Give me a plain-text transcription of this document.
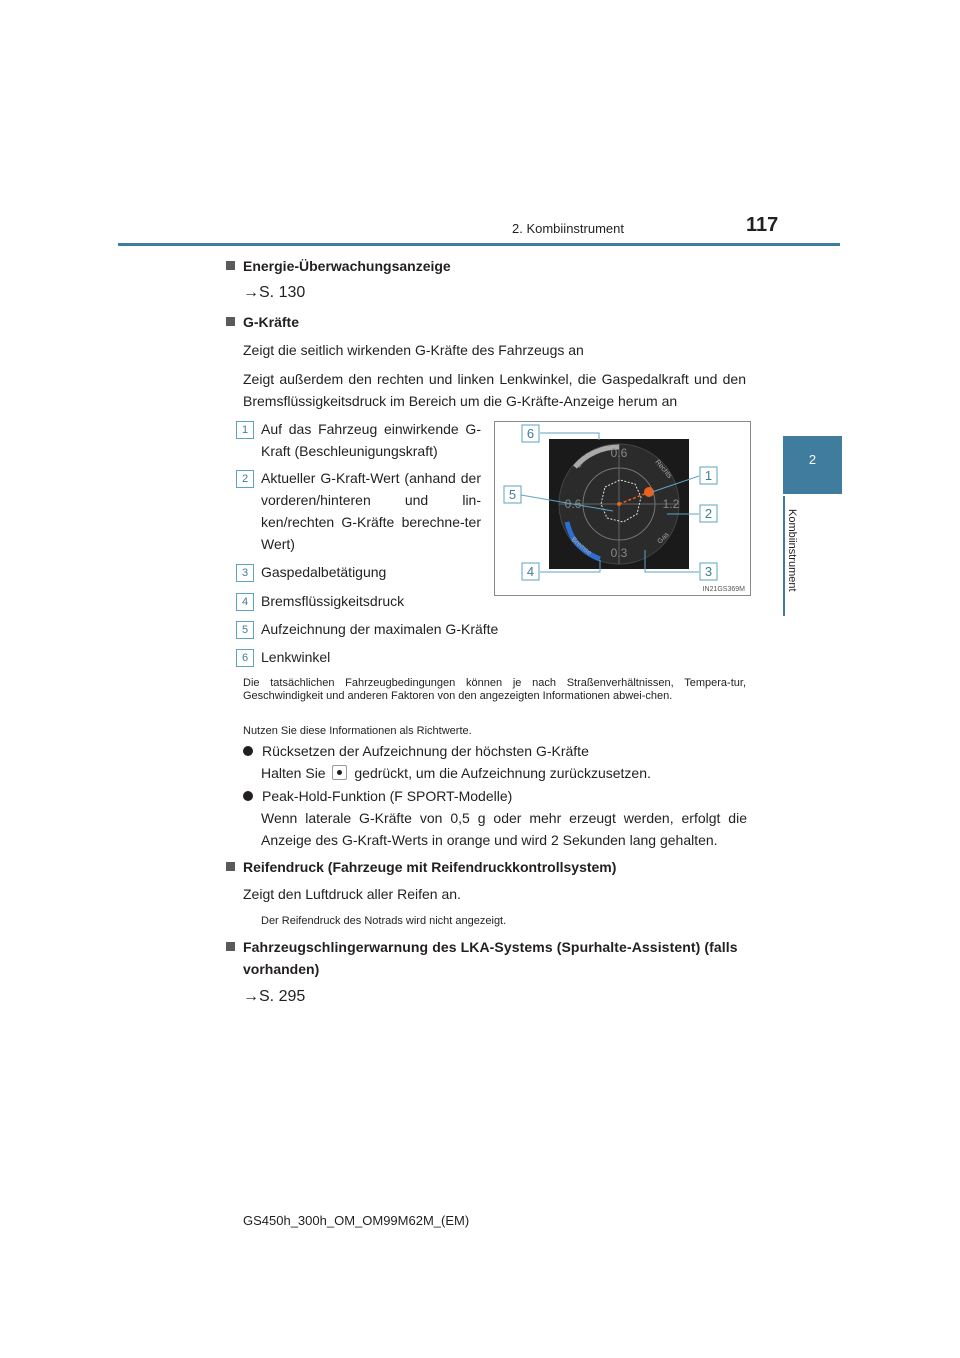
2. Kombiinstrument	117
2
Kombiinstrument
Energie-Überwachungsanzeige
→S. 130
G-Kräfte
Zeigt die seitlich wirkenden G-Kräfte des Fahrzeugs an
Zeigt außerdem den rechten und linken Lenkwinkel, die Gaspedalkraft und den Bremsflüssigkeitsdruck im Bereich um die G-Kräfte-Anzeige herum an
1 Auf das Fahrzeug einwirkende G-Kraft (Beschleunigungskraft)
2 Aktueller G-Kraft-Wert (anhand der vorderen/hinteren und lin-ken/rechten G-Kräfte berechne-ter Wert)
3 Gaspedalbetätigung
4 Bremsflüssigkeitsdruck
5 Aufzeichnung der maximalen G-Kräfte
6 Lenkwinkel
0.6
0.6
0.3
1.2
Links	Rechts
Bremse	Gas
6
5
1
2
3
4
IN21GS369M
Die tatsächlichen Fahrzeugbedingungen können je nach Straßenverhältnissen, Tempera-tur, Geschwindigkeit und anderen Faktoren von den angezeigten Informationen abwei-chen.
Nutzen Sie diese Informationen als Richtwerte.
Rücksetzen der Aufzeichnung der höchsten G-Kräfte
Halten Sie gedrückt, um die Aufzeichnung zurückzusetzen.
Peak-Hold-Funktion (F SPORT-Modelle)
Wenn laterale G-Kräfte von 0,5 g oder mehr erzeugt werden, erfolgt die Anzeige des G-Kraft-Werts in orange und wird 2 Sekunden lang gehalten.
Reifendruck (Fahrzeuge mit Reifendruckkontrollsystem)
Zeigt den Luftdruck aller Reifen an.
Der Reifendruck des Notrads wird nicht angezeigt.
Fahrzeugschlingerwarnung des LKA-Systems (Spurhalte-Assistent) (falls
vorhanden)
→S. 295
GS450h_300h_OM_OM99M62M_(EM)
